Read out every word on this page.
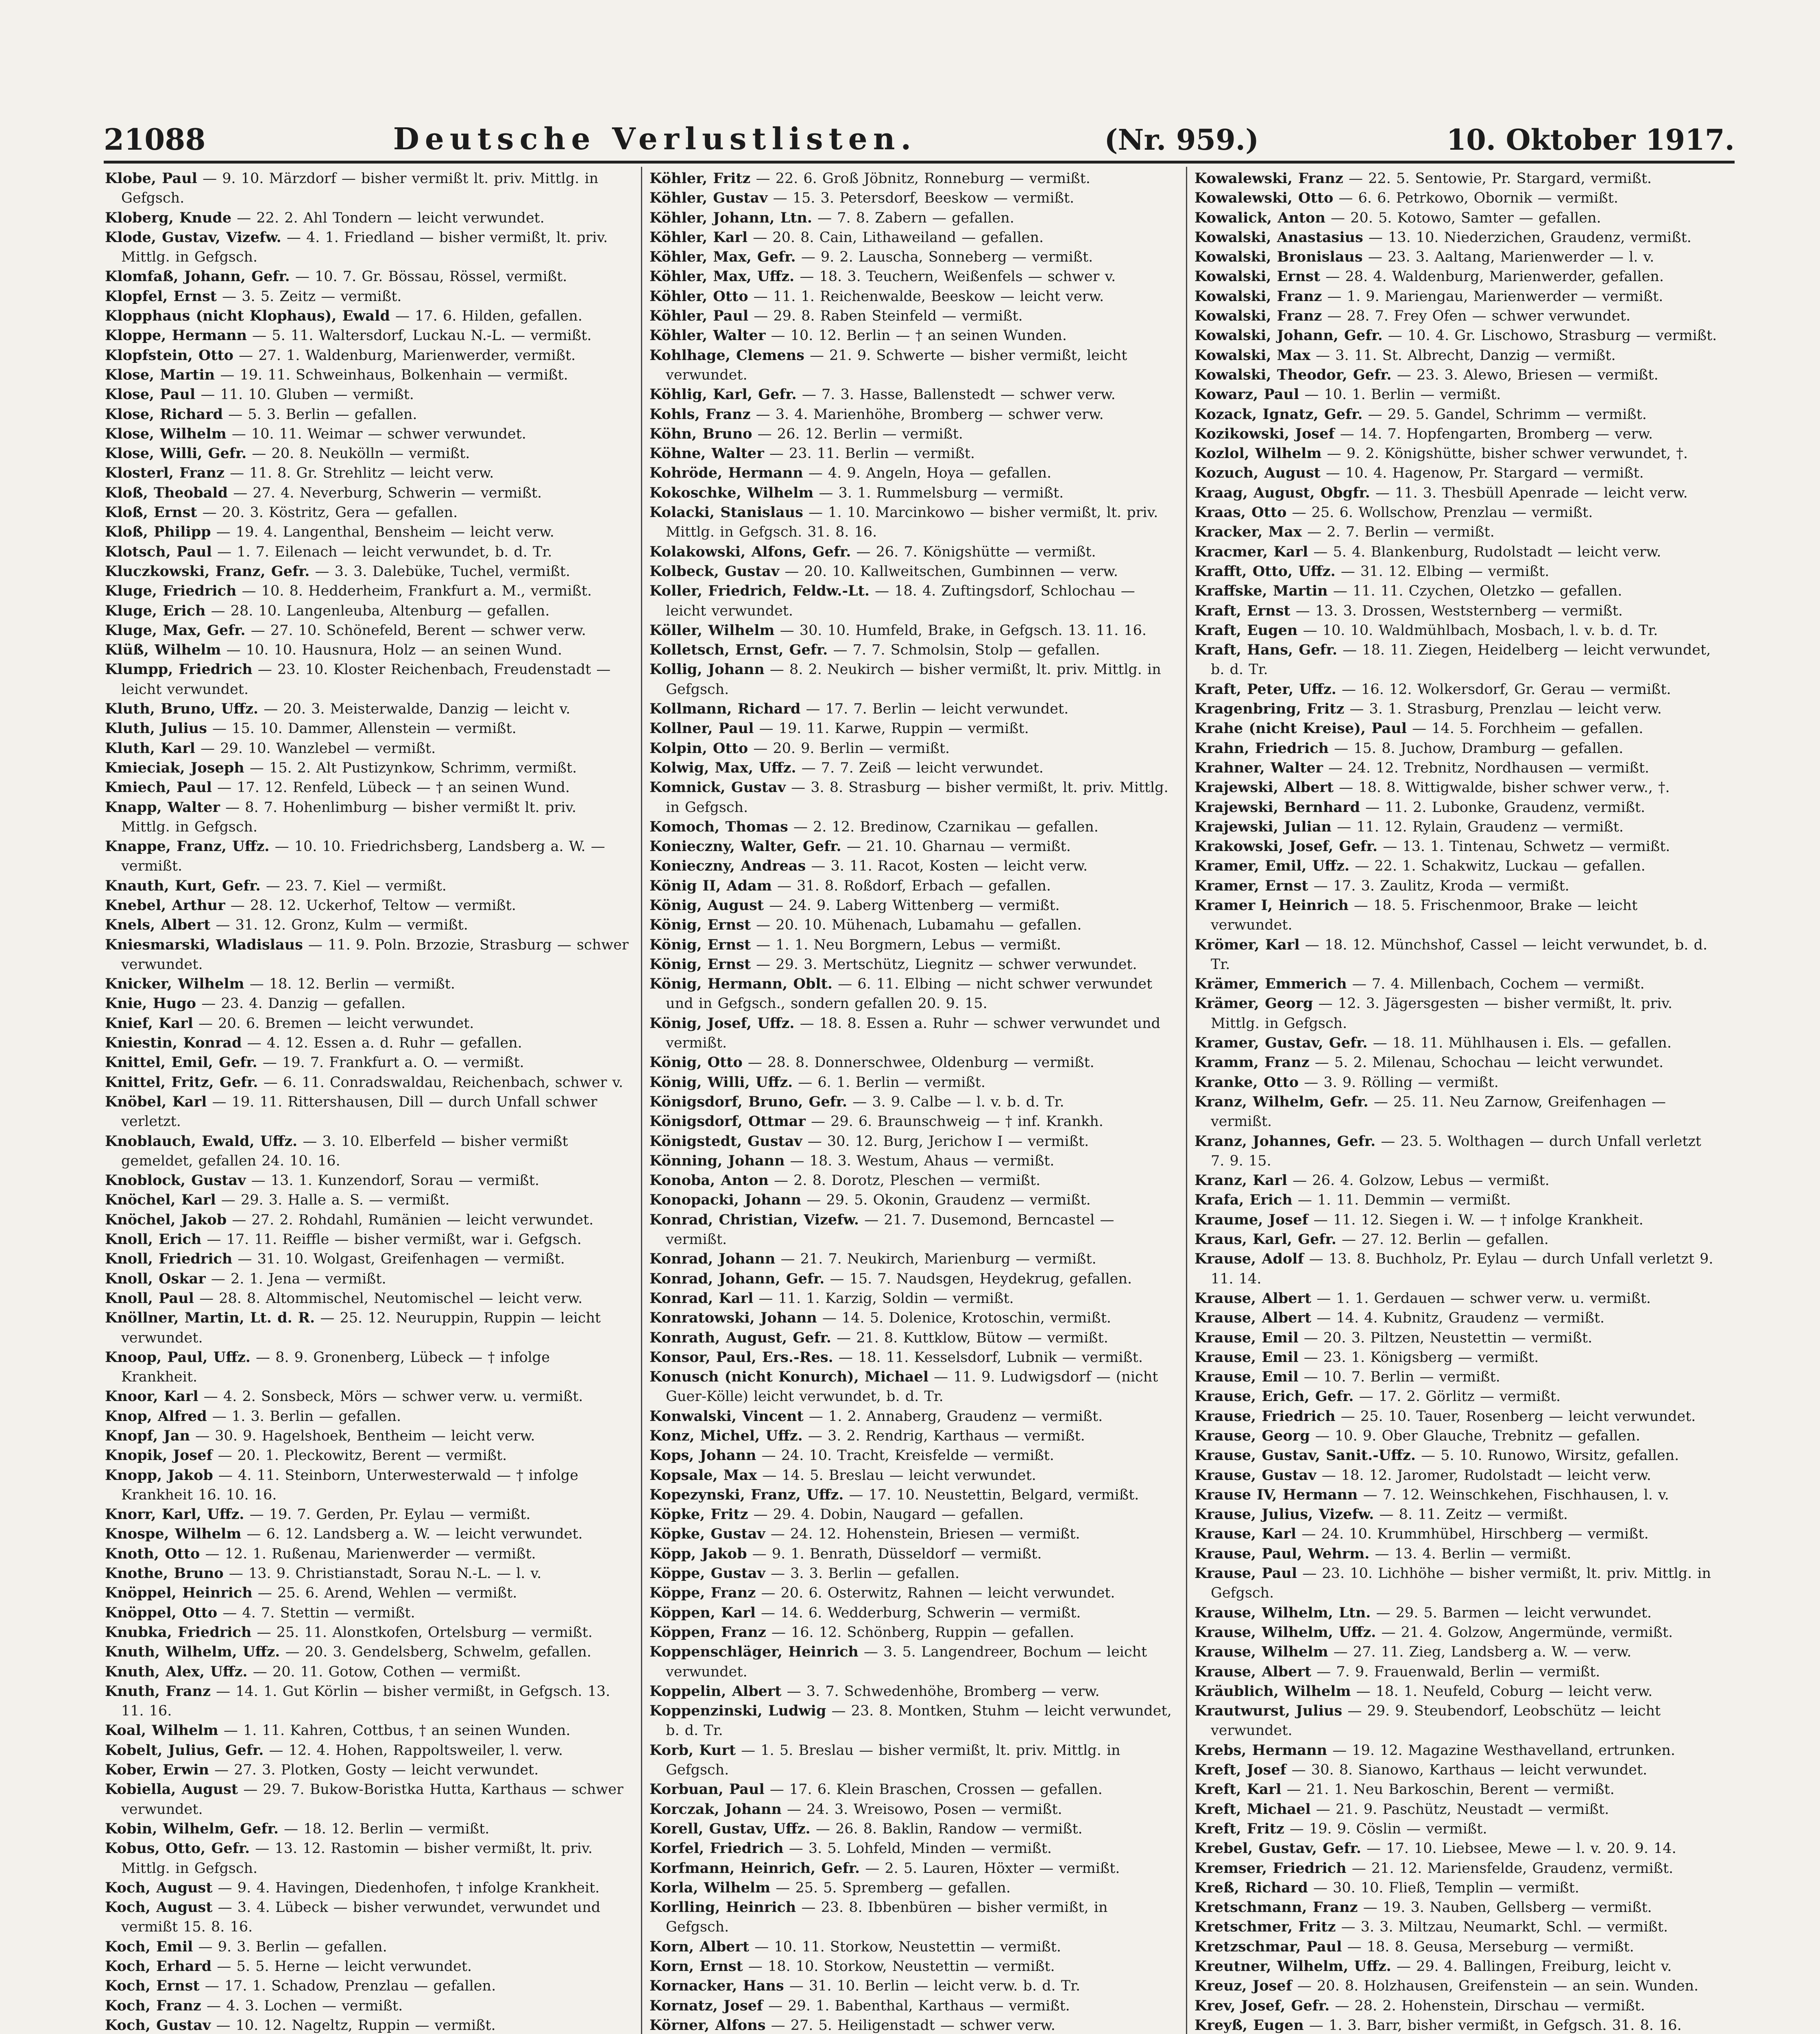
21088	Deutsche Verlustlisten.	(Nr. 959.)	10. Oktober 1917.

Klobe, Paul — 9. 10. Märzdorf — bisher vermißt lt. priv. Mittlg. in Gefgsch.

Kloberg, Knude — 22. 2. Ahl Tondern — leicht verwundet.

Klode, Gustav, Vizefw. — 4. 1. Friedland — bisher vermißt, lt. priv. Mittlg. in Gefgsch.

Klomfaß, Johann, Gefr. — 10. 7. Gr. Bössau, Rössel, vermißt.

Klopfel, Ernst — 3. 5. Zeitz — vermißt.

Klopphaus (nicht Klophaus), Ewald — 17. 6. Hilden, gefallen.

Kloppe, Hermann — 5. 11. Waltersdorf, Luckau N.-L. — vermißt.

Klopfstein, Otto — 27. 1. Waldenburg, Marienwerder, vermißt.

Klose, Martin — 19. 11. Schweinhaus, Bolkenhain — vermißt.

Klose, Paul — 11. 10. Gluben — vermißt.

Klose, Richard — 5. 3. Berlin — gefallen.

Klose, Wilhelm — 10. 11. Weimar — schwer verwundet.

Klose, Willi, Gefr. — 20. 8. Neukölln — vermißt.

Klosterl, Franz — 11. 8. Gr. Strehlitz — leicht verw.

Kloß, Theobald — 27. 4. Neverburg, Schwerin — vermißt.

Kloß, Ernst — 20. 3. Köstritz, Gera — gefallen.

Kloß, Philipp — 19. 4. Langenthal, Bensheim — leicht verw.

Klotsch, Paul — 1. 7. Eilenach — leicht verwundet, b. d. Tr.

Kluczkowski, Franz, Gefr. — 3. 3. Dalebüke, Tuchel, vermißt.

Kluge, Friedrich — 10. 8. Hedderheim, Frankfurt a. M., vermißt.

Kluge, Erich — 28. 10. Langenleuba, Altenburg — gefallen.

Kluge, Max, Gefr. — 27. 10. Schönefeld, Berent — schwer verw.

Klüß, Wilhelm — 10. 10. Hausnura, Holz — an seinen Wund.

Klumpp, Friedrich — 23. 10. Kloster Reichenbach, Freudenstadt — leicht verwundet.

Kluth, Bruno, Uffz. — 20. 3. Meisterwalde, Danzig — leicht v.

Kluth, Julius — 15. 10. Dammer, Allenstein — vermißt.

Kluth, Karl — 29. 10. Wanzlebel — vermißt.

Kmieciak, Joseph — 15. 2. Alt Pustizynkow, Schrimm, vermißt.

Kmiech, Paul — 17. 12. Renfeld, Lübeck — † an seinen Wund.

Knapp, Walter — 8. 7. Hohenlimburg — bisher vermißt lt. priv. Mittlg. in Gefgsch.

Knappe, Franz, Uffz. — 10. 10. Friedrichsberg, Landsberg a. W. — vermißt.

Knauth, Kurt, Gefr. — 23. 7. Kiel — vermißt.

Knebel, Arthur — 28. 12. Uckerhof, Teltow — vermißt.

Knels, Albert — 31. 12. Gronz, Kulm — vermißt.

Kniesmarski, Wladislaus — 11. 9. Poln. Brzozie, Strasburg — schwer verwundet.

Knicker, Wilhelm — 18. 12. Berlin — vermißt.

Knie, Hugo — 23. 4. Danzig — gefallen.

Knief, Karl — 20. 6. Bremen — leicht verwundet.

Kniestin, Konrad — 4. 12. Essen a. d. Ruhr — gefallen.

Knittel, Emil, Gefr. — 19. 7. Frankfurt a. O. — vermißt.

Knittel, Fritz, Gefr. — 6. 11. Conradswaldau, Reichenbach, schwer v.

Knöbel, Karl — 19. 11. Rittershausen, Dill — durch Unfall schwer verletzt.

Knoblauch, Ewald, Uffz. — 3. 10. Elberfeld — bisher vermißt gemeldet, gefallen 24. 10. 16.

Knoblock, Gustav — 13. 1. Kunzendorf, Sorau — vermißt.

Knöchel, Karl — 29. 3. Halle a. S. — vermißt.

Knöchel, Jakob — 27. 2. Rohdahl, Rumänien — leicht verwundet.

Knoll, Erich — 17. 11. Reiffle — bisher vermißt, war i. Gefgsch.

Knoll, Friedrich — 31. 10. Wolgast, Greifenhagen — vermißt.

Knoll, Oskar — 2. 1. Jena — vermißt.

Knoll, Paul — 28. 8. Altommischel, Neutomischel — leicht verw.

Knöllner, Martin, Lt. d. R. — 25. 12. Neuruppin, Ruppin — leicht verwundet.

Knoop, Paul, Uffz. — 8. 9. Gronenberg, Lübeck — † infolge Krankheit.

Knoor, Karl — 4. 2. Sonsbeck, Mörs — schwer verw. u. vermißt.

Knop, Alfred — 1. 3. Berlin — gefallen.

Knopf, Jan — 30. 9. Hagelshoek, Bentheim — leicht verw.

Knopik, Josef — 20. 1. Pleckowitz, Berent — vermißt.

Knopp, Jakob — 4. 11. Steinborn, Unterwesterwald — † infolge Krankheit 16. 10. 16.

Knorr, Karl, Uffz. — 19. 7. Gerden, Pr. Eylau — vermißt.

Knospe, Wilhelm — 6. 12. Landsberg a. W. — leicht verwundet.

Knoth, Otto — 12. 1. Rußenau, Marienwerder — vermißt.

Knothe, Bruno — 13. 9. Christianstadt, Sorau N.-L. — l. v.

Knöppel, Heinrich — 25. 6. Arend, Wehlen — vermißt.

Knöppel, Otto — 4. 7. Stettin — vermißt.

Knubka, Friedrich — 25. 11. Alonstkofen, Ortelsburg — vermißt.

Knuth, Wilhelm, Uffz. — 20. 3. Gendelsberg, Schwelm, gefallen.

Knuth, Alex, Uffz. — 20. 11. Gotow, Cothen — vermißt.

Knuth, Franz — 14. 1. Gut Körlin — bisher vermißt, in Gefgsch. 13. 11. 16.

Koal, Wilhelm — 1. 11. Kahren, Cottbus, † an seinen Wunden.

Kobelt, Julius, Gefr. — 12. 4. Hohen, Rappoltsweiler, l. verw.

Kober, Erwin — 27. 3. Plotken, Gosty — leicht verwundet.

Kobiella, August — 29. 7. Bukow-Boristka Hutta, Karthaus — schwer verwundet.

Kobin, Wilhelm, Gefr. — 18. 12. Berlin — vermißt.

Kobus, Otto, Gefr. — 13. 12. Rastomin — bisher vermißt, lt. priv. Mittlg. in Gefgsch.

Koch, August — 9. 4. Havingen, Diedenhofen, † infolge Krankheit.

Koch, August — 3. 4. Lübeck — bisher verwundet, verwundet und vermißt 15. 8. 16.

Koch, Emil — 9. 3. Berlin — gefallen.

Koch, Erhard — 5. 5. Herne — leicht verwundet.

Koch, Ernst — 17. 1. Schadow, Prenzlau — gefallen.

Koch, Franz — 4. 3. Lochen — vermißt.

Koch, Gustav — 10. 12. Nageltz, Ruppin — vermißt.

Köhler, Fritz — 22. 6. Groß Jöbnitz, Ronneburg — vermißt.

Köhler, Gustav — 15. 3. Petersdorf, Beeskow — vermißt.

Köhler, Johann, Ltn. — 7. 8. Zabern — gefallen.

Köhler, Karl — 20. 8. Cain, Lithaweiland — gefallen.

Köhler, Max, Gefr. — 9. 2. Lauscha, Sonneberg — vermißt.

Köhler, Max, Uffz. — 18. 3. Teuchern, Weißenfels — schwer v.

Köhler, Otto — 11. 1. Reichenwalde, Beeskow — leicht verw.

Köhler, Paul — 29. 8. Raben Steinfeld — vermißt.

Köhler, Walter — 10. 12. Berlin — † an seinen Wunden.

Kohlhage, Clemens — 21. 9. Schwerte — bisher vermißt, leicht verwundet.

Köhlig, Karl, Gefr. — 7. 3. Hasse, Ballenstedt — schwer verw.

Kohls, Franz — 3. 4. Marienhöhe, Bromberg — schwer verw.

Köhn, Bruno — 26. 12. Berlin — vermißt.

Köhne, Walter — 23. 11. Berlin — vermißt.

Kohröde, Hermann — 4. 9. Angeln, Hoya — gefallen.

Kokoschke, Wilhelm — 3. 1. Rummelsburg — vermißt.

Kolacki, Stanislaus — 1. 10. Marcinkowo — bisher vermißt, lt. priv. Mittlg. in Gefgsch. 31. 8. 16.

Kolakowski, Alfons, Gefr. — 26. 7. Königshütte — vermißt.

Kolbeck, Gustav — 20. 10. Kallweitschen, Gumbinnen — verw.

Koller, Friedrich, Feldw.-Lt. — 18. 4. Zuftingsdorf, Schlochau — leicht verwundet.

Köller, Wilhelm — 30. 10. Humfeld, Brake, in Gefgsch. 13. 11. 16.

Kolletsch, Ernst, Gefr. — 7. 7. Schmolsin, Stolp — gefallen.

Kollig, Johann — 8. 2. Neukirch — bisher vermißt, lt. priv. Mittlg. in Gefgsch.

Kollmann, Richard — 17. 7. Berlin — leicht verwundet.

Kollner, Paul — 19. 11. Karwe, Ruppin — vermißt.

Kolpin, Otto — 20. 9. Berlin — vermißt.

Kolwig, Max, Uffz. — 7. 7. Zeiß — leicht verwundet.

Komnick, Gustav — 3. 8. Strasburg — bisher vermißt, lt. priv. Mittlg. in Gefgsch.

Komoch, Thomas — 2. 12. Bredinow, Czarnikau — gefallen.

Konieczny, Walter, Gefr. — 21. 10. Gharnau — vermißt.

Konieczny, Andreas — 3. 11. Racot, Kosten — leicht verw.

König II, Adam — 31. 8. Roßdorf, Erbach — gefallen.

König, August — 24. 9. Laberg Wittenberg — vermißt.

König, Ernst — 20. 10. Mühenach, Lubamahu — gefallen.

König, Ernst — 1. 1. Neu Borgmern, Lebus — vermißt.

König, Ernst — 29. 3. Mertschütz, Liegnitz — schwer verwundet.

König, Hermann, Oblt. — 6. 11. Elbing — nicht schwer verwundet und in Gefgsch., sondern gefallen 20. 9. 15.

König, Josef, Uffz. — 18. 8. Essen a. Ruhr — schwer verwundet und vermißt.

König, Otto — 28. 8. Donnerschwee, Oldenburg — vermißt.

König, Willi, Uffz. — 6. 1. Berlin — vermißt.

Königsdorf, Bruno, Gefr. — 3. 9. Calbe — l. v. b. d. Tr.

Königsdorf, Ottmar — 29. 6. Braunschweig — † inf. Krankh.

Königstedt, Gustav — 30. 12. Burg, Jerichow I — vermißt.

Könning, Johann — 18. 3. Westum, Ahaus — vermißt.

Konoba, Anton — 2. 8. Dorotz, Pleschen — vermißt.

Konopacki, Johann — 29. 5. Okonin, Graudenz — vermißt.

Konrad, Christian, Vizefw. — 21. 7. Dusemond, Berncastel — vermißt.

Konrad, Johann — 21. 7. Neukirch, Marienburg — vermißt.

Konrad, Johann, Gefr. — 15. 7. Naudsgen, Heydekrug, gefallen.

Konrad, Karl — 11. 1. Karzig, Soldin — vermißt.

Konratowski, Johann — 14. 5. Dolenice, Krotoschin, vermißt.

Konrath, August, Gefr. — 21. 8. Kuttklow, Bütow — vermißt.

Konsor, Paul, Ers.-Res. — 18. 11. Kesselsdorf, Lubnik — vermißt.

Konusch (nicht Konurch), Michael — 11. 9. Ludwigsdorf — (nicht Guer-Kölle) leicht verwundet, b. d. Tr.

Konwalski, Vincent — 1. 2. Annaberg, Graudenz — vermißt.

Konz, Michel, Uffz. — 3. 2. Rendrig, Karthaus — vermißt.

Kops, Johann — 24. 10. Tracht, Kreisfelde — vermißt.

Kopsale, Max — 14. 5. Breslau — leicht verwundet.

Kopezynski, Franz, Uffz. — 17. 10. Neustettin, Belgard, vermißt.

Köpke, Fritz — 29. 4. Dobin, Naugard — gefallen.

Köpke, Gustav — 24. 12. Hohenstein, Briesen — vermißt.

Köpp, Jakob — 9. 1. Benrath, Düsseldorf — vermißt.

Köppe, Gustav — 3. 3. Berlin — gefallen.

Köppe, Franz — 20. 6. Osterwitz, Rahnen — leicht verwundet.

Köppen, Karl — 14. 6. Wedderburg, Schwerin — vermißt.

Köppen, Franz — 16. 12. Schönberg, Ruppin — gefallen.

Koppenschläger, Heinrich — 3. 5. Langendreer, Bochum — leicht verwundet.

Koppelin, Albert — 3. 7. Schwedenhöhe, Bromberg — verw.

Koppenzinski, Ludwig — 23. 8. Montken, Stuhm — leicht verwundet, b. d. Tr.

Korb, Kurt — 1. 5. Breslau — bisher vermißt, lt. priv. Mittlg. in Gefgsch.

Korbuan, Paul — 17. 6. Klein Braschen, Crossen — gefallen.

Korczak, Johann — 24. 3. Wreisowo, Posen — vermißt.

Korell, Gustav, Uffz. — 26. 8. Baklin, Randow — vermißt.

Korfel, Friedrich — 3. 5. Lohfeld, Minden — vermißt.

Korfmann, Heinrich, Gefr. — 2. 5. Lauren, Höxter — vermißt.

Korla, Wilhelm — 25. 5. Spremberg — gefallen.

Korlling, Heinrich — 23. 8. Ibbenbüren — bisher vermißt, in Gefgsch.

Korn, Albert — 10. 11. Storkow, Neustettin — vermißt.

Korn, Ernst — 18. 10. Storkow, Neustettin — vermißt.

Kornacker, Hans — 31. 10. Berlin — leicht verw. b. d. Tr.

Kornatz, Josef — 29. 1. Babenthal, Karthaus — vermißt.

Körner, Alfons — 27. 5. Heiligenstadt — schwer verw.

Kowalewski, Franz — 22. 5. Sentowie, Pr. Stargard, vermißt.

Kowalewski, Otto — 6. 6. Petrkowo, Obornik — vermißt.

Kowalick, Anton — 20. 5. Kotowo, Samter — gefallen.

Kowalski, Anastasius — 13. 10. Niederzichen, Graudenz, vermißt.

Kowalski, Bronislaus — 23. 3. Aaltang, Marienwerder — l. v.

Kowalski, Ernst — 28. 4. Waldenburg, Marienwerder, gefallen.

Kowalski, Franz — 1. 9. Mariengau, Marienwerder — vermißt.

Kowalski, Franz — 28. 7. Frey Ofen — schwer verwundet.

Kowalski, Johann, Gefr. — 10. 4. Gr. Lischowo, Strasburg — vermißt.

Kowalski, Max — 3. 11. St. Albrecht, Danzig — vermißt.

Kowalski, Theodor, Gefr. — 23. 3. Alewo, Briesen — vermißt.

Kowarz, Paul — 10. 1. Berlin — vermißt.

Kozack, Ignatz, Gefr. — 29. 5. Gandel, Schrimm — vermißt.

Kozikowski, Josef — 14. 7. Hopfengarten, Bromberg — verw.

Kozlol, Wilhelm — 9. 2. Königshütte, bisher schwer verwundet, †.

Kozuch, August — 10. 4. Hagenow, Pr. Stargard — vermißt.

Kraag, August, Obgfr. — 11. 3. Thesbüll Apenrade — leicht verw.

Kraas, Otto — 25. 6. Wollschow, Prenzlau — vermißt.

Kracker, Max — 2. 7. Berlin — vermißt.

Kracmer, Karl — 5. 4. Blankenburg, Rudolstadt — leicht verw.

Krafft, Otto, Uffz. — 31. 12. Elbing — vermißt.

Kraffske, Martin — 11. 11. Czychen, Oletzko — gefallen.

Kraft, Ernst — 13. 3. Drossen, Weststernberg — vermißt.

Kraft, Eugen — 10. 10. Waldmühlbach, Mosbach, l. v. b. d. Tr.

Kraft, Hans, Gefr. — 18. 11. Ziegen, Heidelberg — leicht verwundet, b. d. Tr.

Kraft, Peter, Uffz. — 16. 12. Wolkersdorf, Gr. Gerau — vermißt.

Kragenbring, Fritz — 3. 1. Strasburg, Prenzlau — leicht verw.

Krahe (nicht Kreise), Paul — 14. 5. Forchheim — gefallen.

Krahn, Friedrich — 15. 8. Juchow, Dramburg — gefallen.

Krahner, Walter — 24. 12. Trebnitz, Nordhausen — vermißt.

Krajewski, Albert — 18. 8. Wittigwalde, bisher schwer verw., †.

Krajewski, Bernhard — 11. 2. Lubonke, Graudenz, vermißt.

Krajewski, Julian — 11. 12. Rylain, Graudenz — vermißt.

Krakowski, Josef, Gefr. — 13. 1. Tintenau, Schwetz — vermißt.

Kramer, Emil, Uffz. — 22. 1. Schakwitz, Luckau — gefallen.

Kramer, Ernst — 17. 3. Zaulitz, Kroda — vermißt.

Kramer I, Heinrich — 18. 5. Frischenmoor, Brake — leicht verwundet.

Krömer, Karl — 18. 12. Münchshof, Cassel — leicht verwundet, b. d. Tr.

Krämer, Emmerich — 7. 4. Millenbach, Cochem — vermißt.

Krämer, Georg — 12. 3. Jägersgesten — bisher vermißt, lt. priv. Mittlg. in Gefgsch.

Kramer, Gustav, Gefr. — 18. 11. Mühlhausen i. Els. — gefallen.

Kramm, Franz — 5. 2. Milenau, Schochau — leicht verwundet.

Kranke, Otto — 3. 9. Rölling — vermißt.

Kranz, Wilhelm, Gefr. — 25. 11. Neu Zarnow, Greifenhagen — vermißt.

Kranz, Johannes, Gefr. — 23. 5. Wolthagen — durch Unfall verletzt 7. 9. 15.

Kranz, Karl — 26. 4. Golzow, Lebus — vermißt.

Krafa, Erich — 1. 11. Demmin — vermißt.

Kraume, Josef — 11. 12. Siegen i. W. — † infolge Krankheit.

Kraus, Karl, Gefr. — 27. 12. Berlin — gefallen.

Krause, Adolf — 13. 8. Buchholz, Pr. Eylau — durch Unfall verletzt 9. 11. 14.

Krause, Albert — 1. 1. Gerdauen — schwer verw. u. vermißt.

Krause, Albert — 14. 4. Kubnitz, Graudenz — vermißt.

Krause, Emil — 20. 3. Piltzen, Neustettin — vermißt.

Krause, Emil — 23. 1. Königsberg — vermißt.

Krause, Emil — 10. 7. Berlin — vermißt.

Krause, Erich, Gefr. — 17. 2. Görlitz — vermißt.

Krause, Friedrich — 25. 10. Tauer, Rosenberg — leicht verwundet.

Krause, Georg — 10. 9. Ober Glauche, Trebnitz — gefallen.

Krause, Gustav, Sanit.-Uffz. — 5. 10. Runowo, Wirsitz, gefallen.

Krause, Gustav — 18. 12. Jaromer, Rudolstadt — leicht verw.

Krause IV, Hermann — 7. 12. Weinschkehen, Fischhausen, l. v.

Krause, Julius, Vizefw. — 8. 11. Zeitz — vermißt.

Krause, Karl — 24. 10. Krummhübel, Hirschberg — vermißt.

Krause, Paul, Wehrm. — 13. 4. Berlin — vermißt.

Krause, Paul — 23. 10. Lichhöhe — bisher vermißt, lt. priv. Mittlg. in Gefgsch.

Krause, Wilhelm, Ltn. — 29. 5. Barmen — leicht verwundet.

Krause, Wilhelm, Uffz. — 21. 4. Golzow, Angermünde, vermißt.

Krause, Wilhelm — 27. 11. Zieg, Landsberg a. W. — verw.

Krause, Albert — 7. 9. Frauenwald, Berlin — vermißt.

Kräublich, Wilhelm — 18. 1. Neufeld, Coburg — leicht verw.

Krautwurst, Julius — 29. 9. Steubendorf, Leobschütz — leicht verwundet.

Krebs, Hermann — 19. 12. Magazine Westhavelland, ertrunken.

Kreft, Josef — 30. 8. Sianowo, Karthaus — leicht verwundet.

Kreft, Karl — 21. 1. Neu Barkoschin, Berent — vermißt.

Kreft, Michael — 21. 9. Paschütz, Neustadt — vermißt.

Kreft, Fritz — 19. 9. Cöslin — vermißt.

Krebel, Gustav, Gefr. — 17. 10. Liebsee, Mewe — l. v. 20. 9. 14.

Kremser, Friedrich — 21. 12. Mariensfelde, Graudenz, vermißt.

Kreß, Richard — 30. 10. Fließ, Templin — vermißt.

Kretschmann, Franz — 19. 3. Nauben, Gellsberg — vermißt.

Kretschmer, Fritz — 3. 3. Miltzau, Neumarkt, Schl. — vermißt.

Kretzschmar, Paul — 18. 8. Geusa, Merseburg — vermißt.

Kreutner, Wilhelm, Uffz. — 29. 4. Ballingen, Freiburg, leicht v.

Kreuz, Josef — 20. 8. Holzhausen, Greifenstein — an sein. Wunden.

Krev, Josef, Gefr. — 28. 2. Hohenstein, Dirschau — vermißt.

Kreyß, Eugen — 1. 3. Barr, bisher vermißt, in Gefgsch. 31. 8. 16.
